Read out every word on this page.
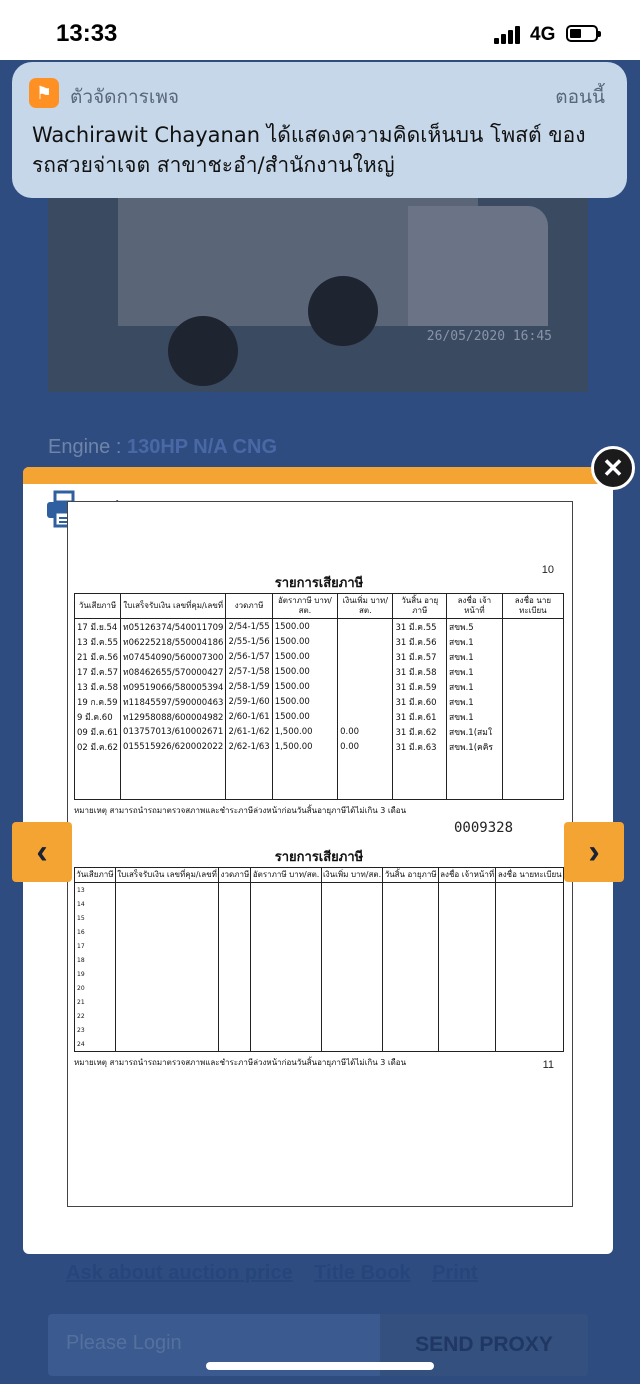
26/05/2020 16:45
Engine : 130HP N/A CNG
Ask about auction price Title Book Print
Please Login	SEND PROXY
13:33	4G
⚑ ตัวจัดการเพจ	ตอนนี้
Wachirawit Chayanan ได้แสดงความคิดเห็นบน โพสต์ ของ รถสวยจ่าเจต สาขาชะอำ/สำนักงานใหญ่
10
รายการเสียภาษี
วันเสียภาษี	ใบเสร็จรับเงิน เลขที่คุม/เลขที่	งวดภาษี	อัตราภาษี บาท/สต.	เงินเพิ่ม บาท/สต.	วันสิ้น อายุภาษี	ลงชื่อ เจ้าหน้าที่	ลงชื่อ นายทะเบียน
17 มี.ย.54	ท05126374/540011709	2/54-1/55	1500.00		31 มี.ค.55	สขพ.5	
13 มี.ค.55	ท06225218/550004186	2/55-1/56	1500.00		31 มี.ค.56	สขพ.1	
21 มี.ค.56	ท07454090/560007300	2/56-1/57	1500.00		31 มี.ค.57	สขพ.1	
17 มี.ค.57	ท08462655/570000427	2/57-1/58	1500.00		31 มี.ค.58	สขพ.1	
13 มี.ค.58	ท09519066/580005394	2/58-1/59	1500.00		31 มี.ค.59	สขพ.1	
19 ก.ค.59	ท11845597/590000463	2/59-1/60	1500.00		31 มี.ค.60	สขพ.1	
9 มี.ค.60	ท12958088/600004982	2/60-1/61	1500.00		31 มี.ค.61	สขพ.1	
09 มี.ค.61	013757013/610002671	2/61-1/62	1,500.00	0.00	31 มี.ค.62	สขพ.1(สมใ	
02 มี.ค.62	015515926/620002022	2/62-1/63	1,500.00	0.00	31 มี.ค.63	สขพ.1(คคิร	

หมายเหตุ สามารถนำรถมาตรวจสภาพและชำระภาษีล่วงหน้าก่อนวันสิ้นอายุภาษีได้ไม่เกิน 3 เดือน
0009328
รายการเสียภาษี
วันเสียภาษี	ใบเสร็จรับเงิน เลขที่คุม/เลขที่	งวดภาษี	อัตราภาษี บาท/สต.	เงินเพิ่ม บาท/สต.	วันสิ้น อายุภาษี	ลงชื่อ เจ้าหน้าที่	ลงชื่อ นายทะเบียน
13							
14							
15							
16							
17							
18							
19							
20							
21							
22							
23							
24							
หมายเหตุ สามารถนำรถมาตรวจสภาพและชำระภาษีล่วงหน้าก่อนวันสิ้นอายุภาษีได้ไม่เกิน 3 เดือน	11
✕
‹	›
